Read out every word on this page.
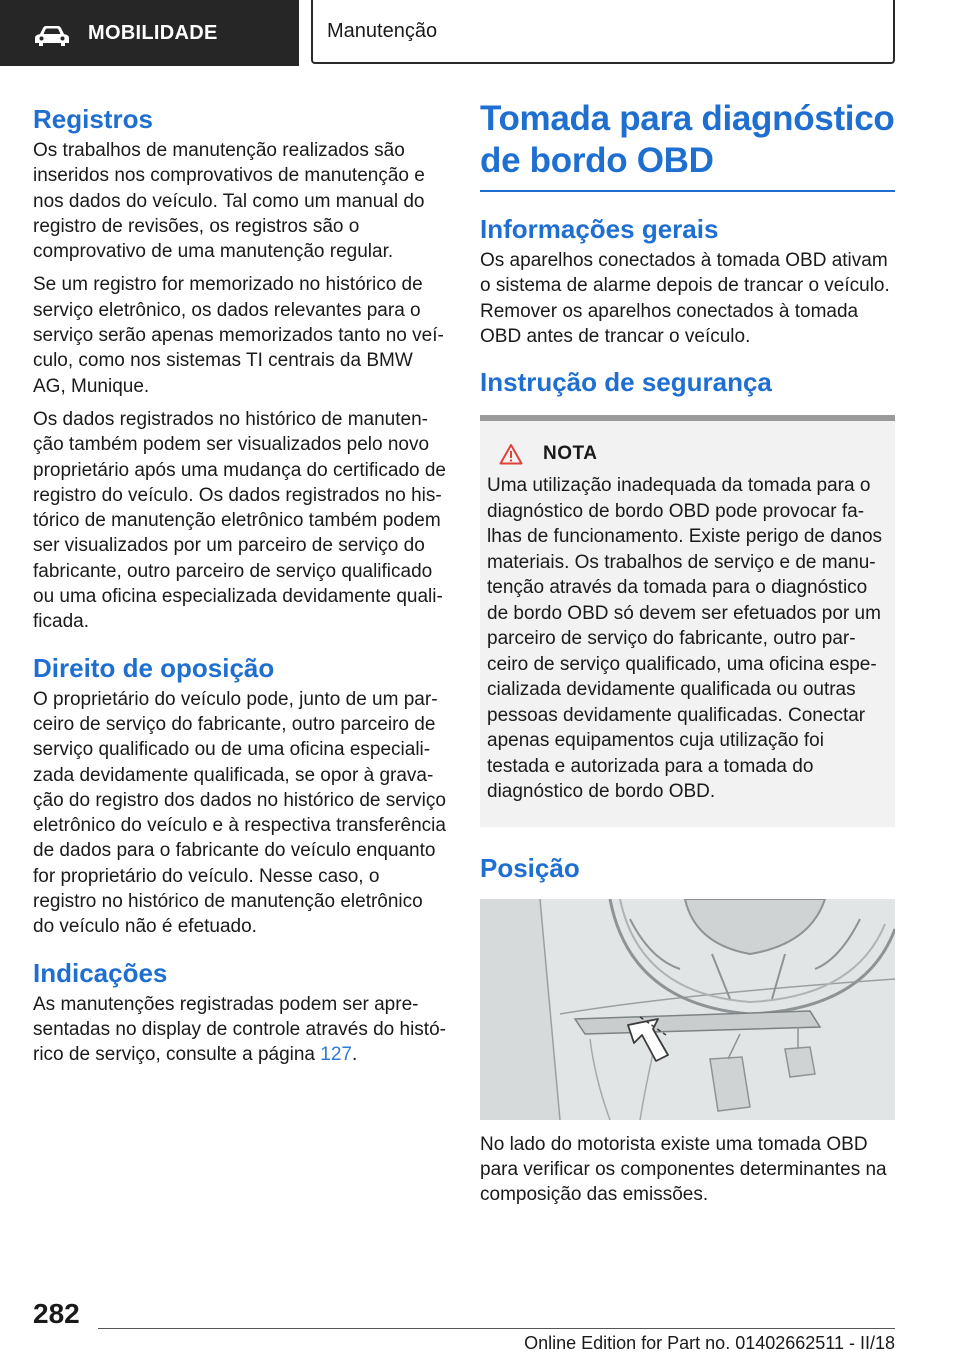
MOBILIDADE	Manutenção
Registros

Os trabalhos de manutenção realizados são inseridos nos comprovativos de manutenção e nos dados do veículo. Tal como um manual do registro de revisões, os registros são o comprovativo de uma manutenção regular.

Se um registro for memorizado no histórico de serviço eletrônico, os dados relevantes para o serviço serão apenas memorizados tanto no veículo, como nos sistemas TI centrais da BMW AG, Munique.

Os dados registrados no histórico de manutenção também podem ser visualizados pelo novo proprietário após uma mudança do certificado de registro do veículo. Os dados registrados no histórico de manutenção eletrônico também podem ser visualizados por um parceiro de serviço do fabricante, outro parceiro de serviço qualificado ou uma oficina especializada devidamente qualificada.

Direito de oposição

O proprietário do veículo pode, junto de um parceiro de serviço do fabricante, outro parceiro de serviço qualificado ou de uma oficina especializada devidamente qualificada, se opor à gravação do registro dos dados no histórico de serviço eletrônico do veículo e à respectiva transferência de dados para o fabricante do veículo enquanto for proprietário do veículo. Nesse caso, o registro no histórico de manutenção eletrônico do veículo não é efetuado.

Indicações

As manutenções registradas podem ser apresentadas no display de controle através do histórico de serviço, consulte a página 127.

Tomada para diagnóstico de bordo OBD
Informações gerais

Os aparelhos conectados à tomada OBD ativam o sistema de alarme depois de trancar o veículo. Remover os aparelhos conectados à tomada OBD antes de trancar o veículo.

Instrução de segurança
NOTA

Uma utilização inadequada da tomada para o diagnóstico de bordo OBD pode provocar falhas de funcionamento. Existe perigo de danos materiais. Os trabalhos de serviço e de manutenção através da tomada para o diagnóstico de bordo OBD só devem ser efetuados por um parceiro de serviço do fabricante, outro parceiro de serviço qualificado, uma oficina especializada devidamente qualificada ou outras pessoas devidamente qualificadas. Conectar apenas equipamentos cuja utilização foi testada e autorizada para a tomada do diagnóstico de bordo OBD.

Posição

No lado do motorista existe uma tomada OBD para verificar os componentes determinantes na composição das emissões.

282
Online Edition for Part no. 01402662511 - II/18
